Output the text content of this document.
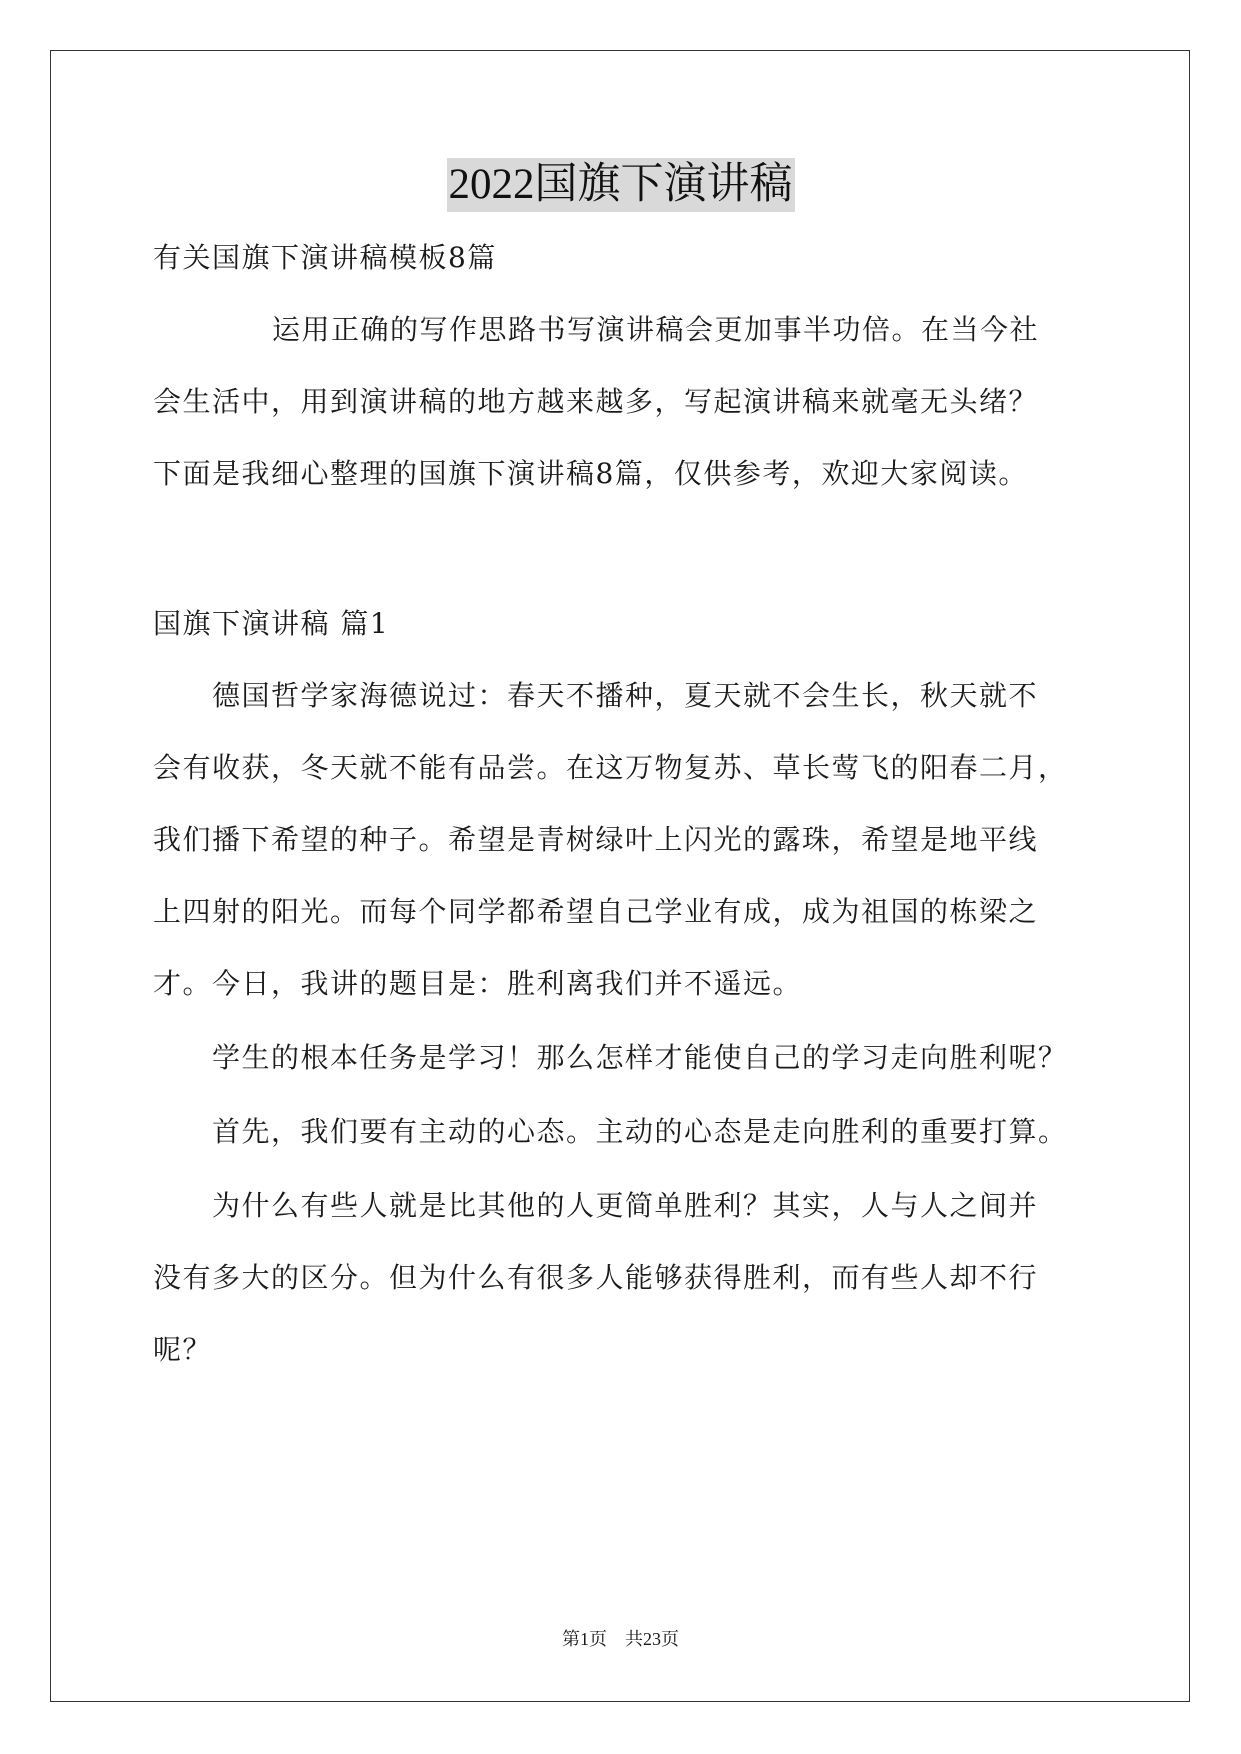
2022国旗下演讲稿

有关国旗下演讲稿模板8篇

运用正确的写作思路书写演讲稿会更加事半功倍。在当今社

会生活中，用到演讲稿的地方越来越多，写起演讲稿来就毫无头绪？

下面是我细心整理的国旗下演讲稿8篇，仅供参考，欢迎大家阅读。

国旗下演讲稿 篇1

德国哲学家海德说过：春天不播种，夏天就不会生长，秋天就不

会有收获，冬天就不能有品尝。在这万物复苏、草长莺飞的阳春二月，

我们播下希望的种子。希望是青树绿叶上闪光的露珠，希望是地平线

上四射的阳光。而每个同学都希望自己学业有成，成为祖国的栋梁之

才。今日，我讲的题目是：胜利离我们并不遥远。

学生的根本任务是学习！那么怎样才能使自己的学习走向胜利呢？

首先，我们要有主动的心态。主动的心态是走向胜利的重要打算。

为什么有些人就是比其他的人更简单胜利？其实，人与人之间并

没有多大的区分。但为什么有很多人能够获得胜利，而有些人却不行

呢？

第1页    共23页
